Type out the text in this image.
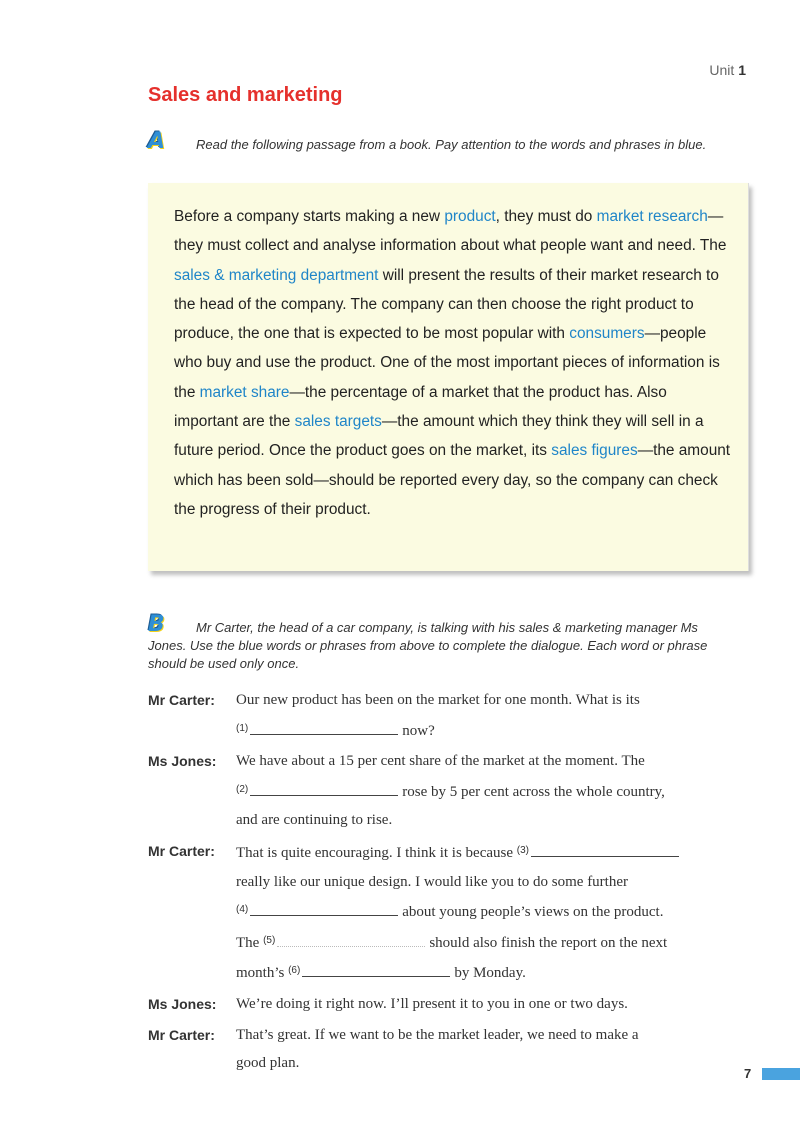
Unit 1
Sales and marketing
A	Read the following passage from a book. Pay attention to the words and phrases in blue.

Before a company starts making a new product, they must do market research—they must collect and analyse information about what people want and need. The sales & marketing department will present the results of their market research to the head of the company. The company can then choose the right product to produce, the one that is expected to be most popular with consumers—people who buy and use the product. One of the most important pieces of information is the market share—the percentage of a market that the product has. Also important are the sales targets—the amount which they think they will sell in a future period. Once the product goes on the market, its sales figures—the amount which has been sold—should be reported every day, so the company can check the progress of their product.

B	Mr Carter, the head of a car company, is talking with his sales & marketing manager Ms Jones. Use the blue words or phrases from above to complete the dialogue. Each word or phrase should be used only once.
Mr Carter:	Our new product has been on the market for one month. What is its
$^{(1)}$	now?
Ms Jones:	We have about a 15 per cent share of the market at the moment. The
$^{(2)}$	rose by 5 per cent across the whole country,
and are continuing to rise.
Mr Carter:	That is quite encouraging. I think it is because $^{(3)}$
really like our unique design. I would like you to do some further
$^{(4)}$	about young people’s views on the product.
The $^{(5)}$	should also finish the report on the next
month’s $^{(6)}$	by Monday.
Ms Jones:	We’re doing it right now. I’ll present it to you in one or two days.
Mr Carter:	That’s great. If we want to be the market leader, we need to make a
good plan.
7
